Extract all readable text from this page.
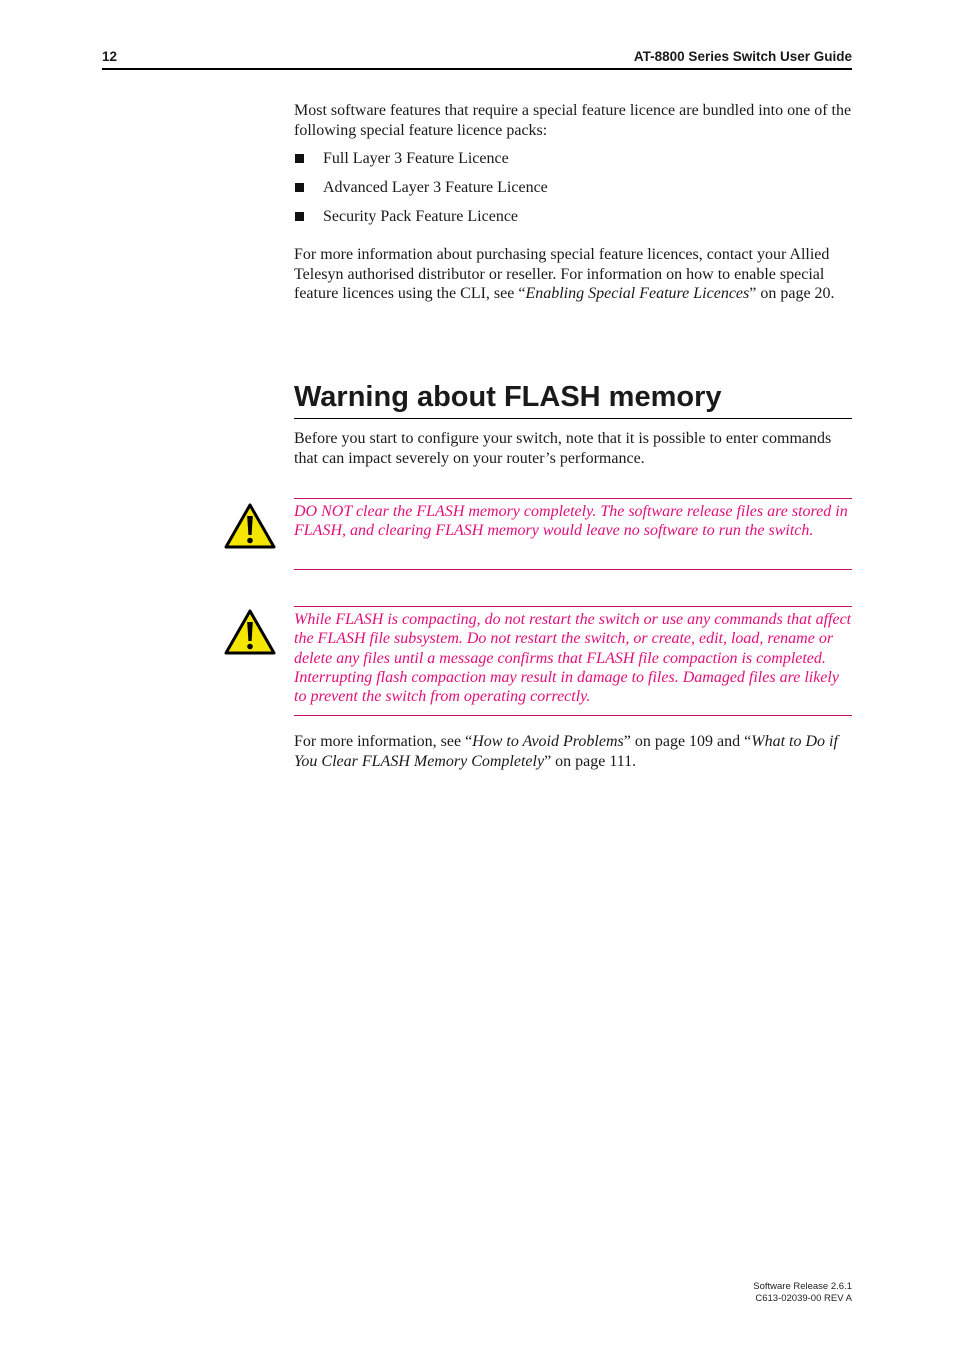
12	AT-8800 Series Switch User Guide

Most software features that require a special feature licence are bundled into one of the following special feature licence packs:

Full Layer 3 Feature Licence
Advanced Layer 3 Feature Licence
Security Pack Feature Licence

For more information about purchasing special feature licences, contact your Allied Telesyn authorised distributor or reseller. For information on how to enable special feature licences using the CLI, see “Enabling Special Feature Licences” on page 20.

Warning about FLASH memory

Before you start to configure your switch, note that it is possible to enter commands that can impact severely on your router’s performance.

DO NOT clear the FLASH memory completely. The software release files are stored in FLASH, and clearing FLASH memory would leave no software to run the switch.

While FLASH is compacting, do not restart the switch or use any commands that affect the FLASH file subsystem. Do not restart the switch, or create, edit, load, rename or delete any files until a message confirms that FLASH file compaction is completed. Interrupting flash compaction may result in damage to files. Damaged files are likely to prevent the switch from operating correctly.

For more information, see “How to Avoid Problems” on page 109 and “What to Do if You Clear FLASH Memory Completely” on page 111.

Software Release 2.6.1
C613-02039-00 REV A
